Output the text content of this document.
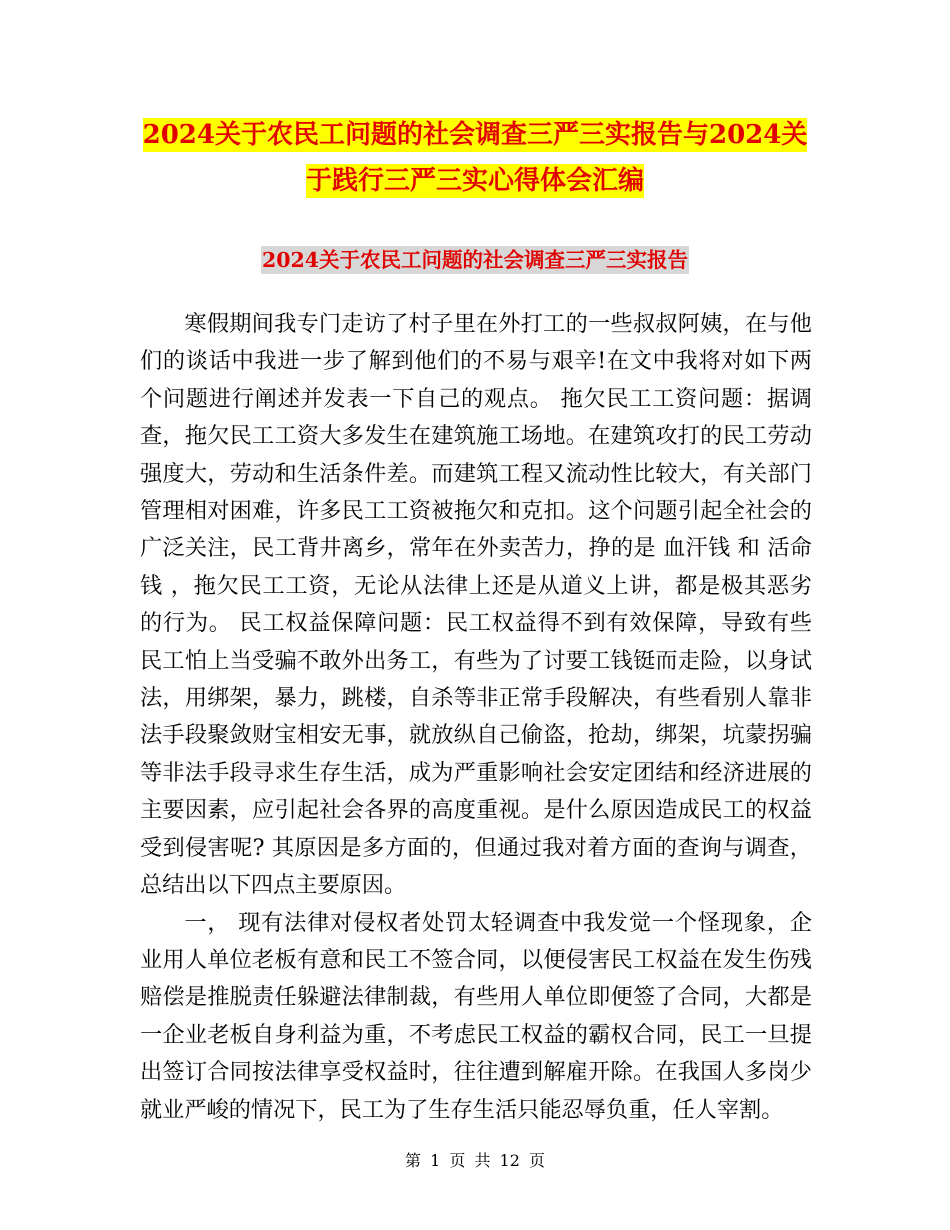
2024关于农民工问题的社会调查三严三实报告与2024关于践行三严三实心得体会汇编
2024关于农民工问题的社会调查三严三实报告

寒假期间我专门走访了村子里在外打工的一些叔叔阿姨，在与他们的谈话中我进一步了解到他们的不易与艰辛!在文中我将对如下两个问题进行阐述并发表一下自己的观点。 拖欠民工工资问题：据调查，拖欠民工工资大多发生在建筑施工场地。在建筑攻打的民工劳动强度大，劳动和生活条件差。而建筑工程又流动性比较大，有关部门管理相对困难，许多民工工资被拖欠和克扣。这个问题引起全社会的广泛关注，民工背井离乡，常年在外卖苦力，挣的是 血汗钱 和 活命钱 ，拖欠民工工资，无论从法律上还是从道义上讲，都是极其恶劣的行为。 民工权益保障问题：民工权益得不到有效保障，导致有些民工怕上当受骗不敢外出务工，有些为了讨要工钱铤而走险，以身试法，用绑架，暴力，跳楼，自杀等非正常手段解决，有些看别人靠非法手段聚敛财宝相安无事，就放纵自己偷盗，抢劫，绑架，坑蒙拐骗等非法手段寻求生存生活，成为严重影响社会安定团结和经济进展的主要因素，应引起社会各界的高度重视。是什么原因造成民工的权益受到侵害呢? 其原因是多方面的，但通过我对着方面的查询与调查，总结出以下四点主要原因。

一， 现有法律对侵权者处罚太轻调查中我发觉一个怪现象，企业用人单位老板有意和民工不签合同，以便侵害民工权益在发生伤残赔偿是推脱责任躲避法律制裁，有些用人单位即便签了合同，大都是一企业老板自身利益为重，不考虑民工权益的霸权合同，民工一旦提出签订合同按法律享受权益时，往往遭到解雇开除。在我国人多岗少就业严峻的情况下，民工为了生存生活只能忍辱负重，任人宰割。

第 1 页 共 12 页
